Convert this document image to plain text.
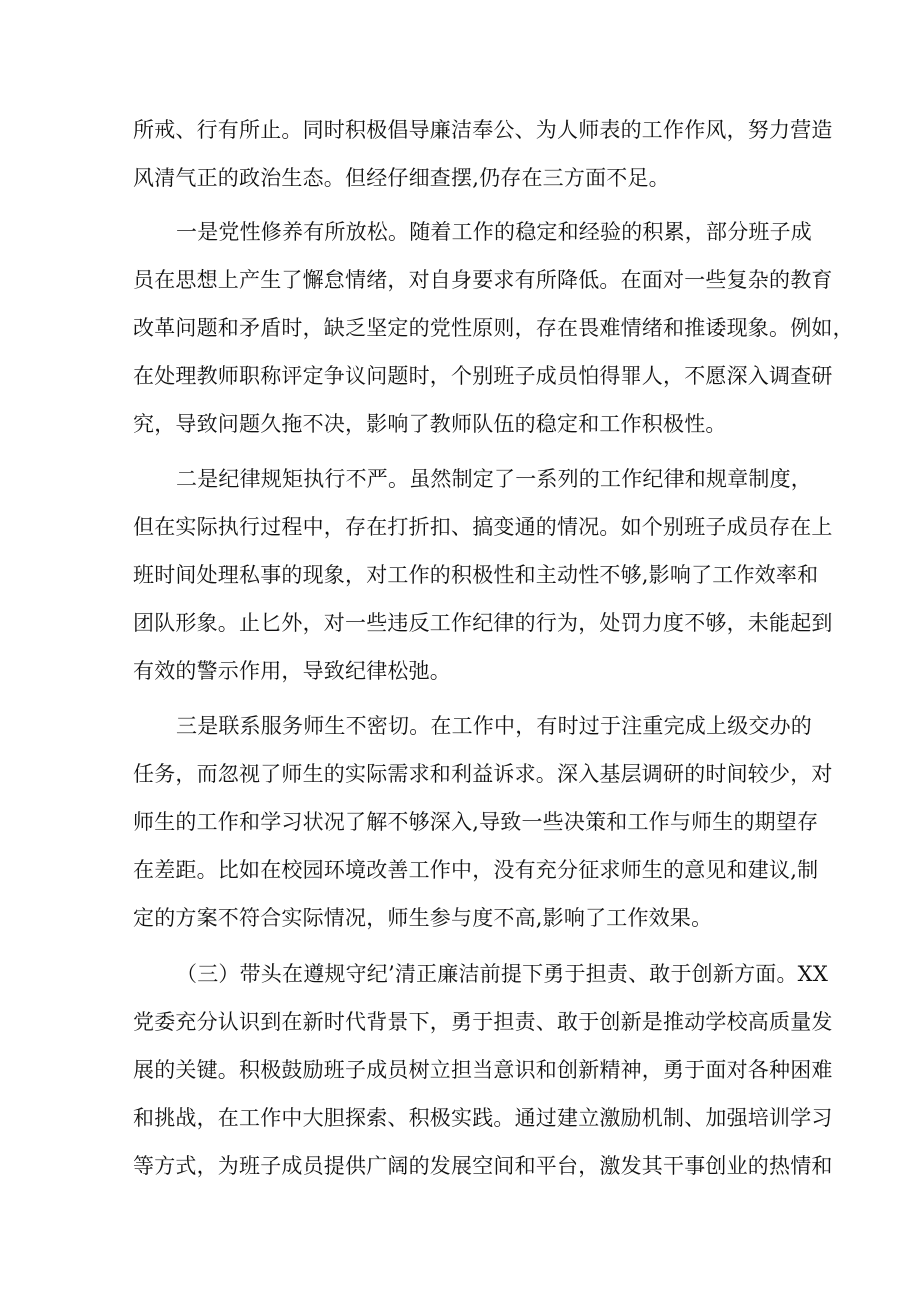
所戒、行有所止。同时积极倡导廉洁奉公、为人师表的工作作风，努力营造
风清气正的政治生态。但经仔细查摆,仍存在三方面不足。
一是党性修养有所放松。随着工作的稳定和经验的积累，部分班子成
员在思想上产生了懈怠情绪，对自身要求有所降低。在面对一些复杂的教育
改革问题和矛盾时，缺乏坚定的党性原则，存在畏难情绪和推诿现象。例如，
在处理教师职称评定争议问题时，个别班子成员怕得罪人，不愿深入调查研
究，导致问题久拖不决，影响了教师队伍的稳定和工作积极性。
二是纪律规矩执行不严。虽然制定了一系列的工作纪律和规章制度，
但在实际执行过程中，存在打折扣、搞变通的情况。如个别班子成员存在上
班时间处理私事的现象，对工作的积极性和主动性不够,影响了工作效率和
团队形象。止匕外，对一些违反工作纪律的行为，处罚力度不够，未能起到
有效的警示作用，导致纪律松弛。
三是联系服务师生不密切。在工作中，有时过于注重完成上级交办的
任务，而忽视了师生的实际需求和利益诉求。深入基层调研的时间较少，对
师生的工作和学习状况了解不够深入,导致一些决策和工作与师生的期望存
在差距。比如在校园环境改善工作中，没有充分征求师生的意见和建议,制
定的方案不符合实际情况，师生参与度不高,影响了工作效果。
（三）带头在遵规守纪’清正廉洁前提下勇于担责、敢于创新方面。XX
党委充分认识到在新时代背景下，勇于担责、敢于创新是推动学校高质量发
展的关键。积极鼓励班子成员树立担当意识和创新精神，勇于面对各种困难
和挑战，在工作中大胆探索、积极实践。通过建立激励机制、加强培训学习
等方式，为班子成员提供广阔的发展空间和平台，激发其干事创业的热情和
